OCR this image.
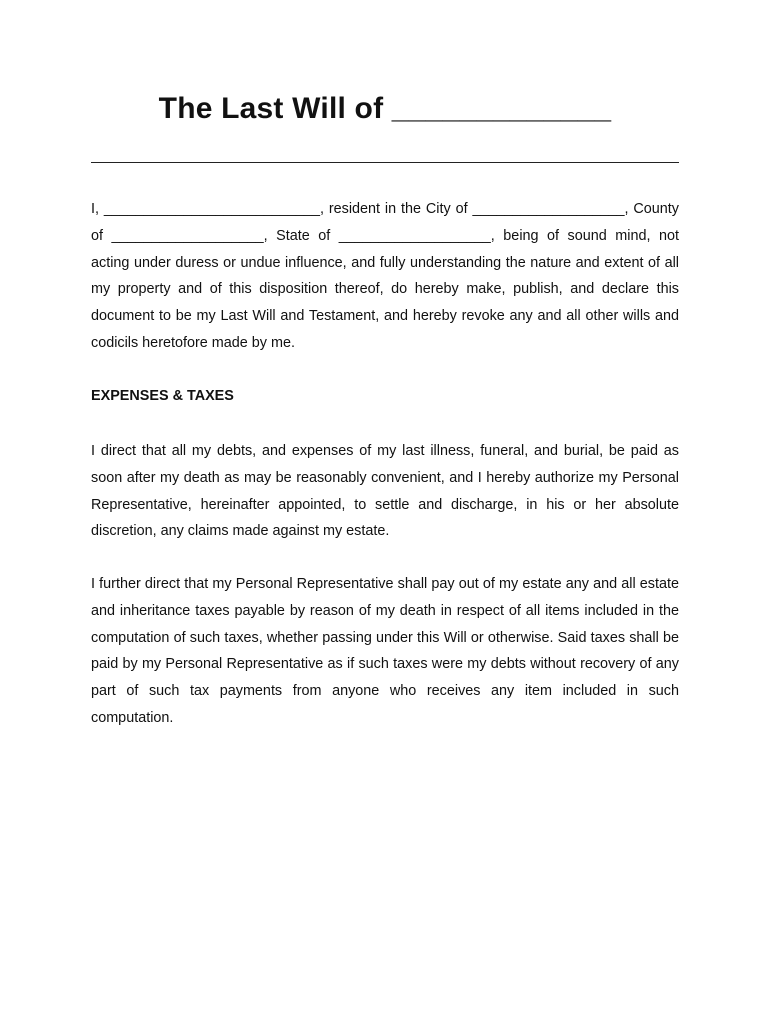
The Last Will of _____________

I, ___________________________, resident in the City of ___________________, County of ___________________, State of ___________________, being of sound mind, not acting under duress or undue influence, and fully understanding the nature and extent of all my property and of this disposition thereof, do hereby make, publish, and declare this document to be my Last Will and Testament, and hereby revoke any and all other wills and codicils heretofore made by me.

EXPENSES & TAXES

I direct that all my debts, and expenses of my last illness, funeral, and burial, be paid as soon after my death as may be reasonably convenient, and I hereby authorize my Personal Representative, hereinafter appointed, to settle and discharge, in his or her absolute discretion, any claims made against my estate.

I further direct that my Personal Representative shall pay out of my estate any and all estate and inheritance taxes payable by reason of my death in respect of all items included in the computation of such taxes, whether passing under this Will or otherwise. Said taxes shall be paid by my Personal Representative as if such taxes were my debts without recovery of any part of such tax payments from anyone who receives any item included in such computation.
